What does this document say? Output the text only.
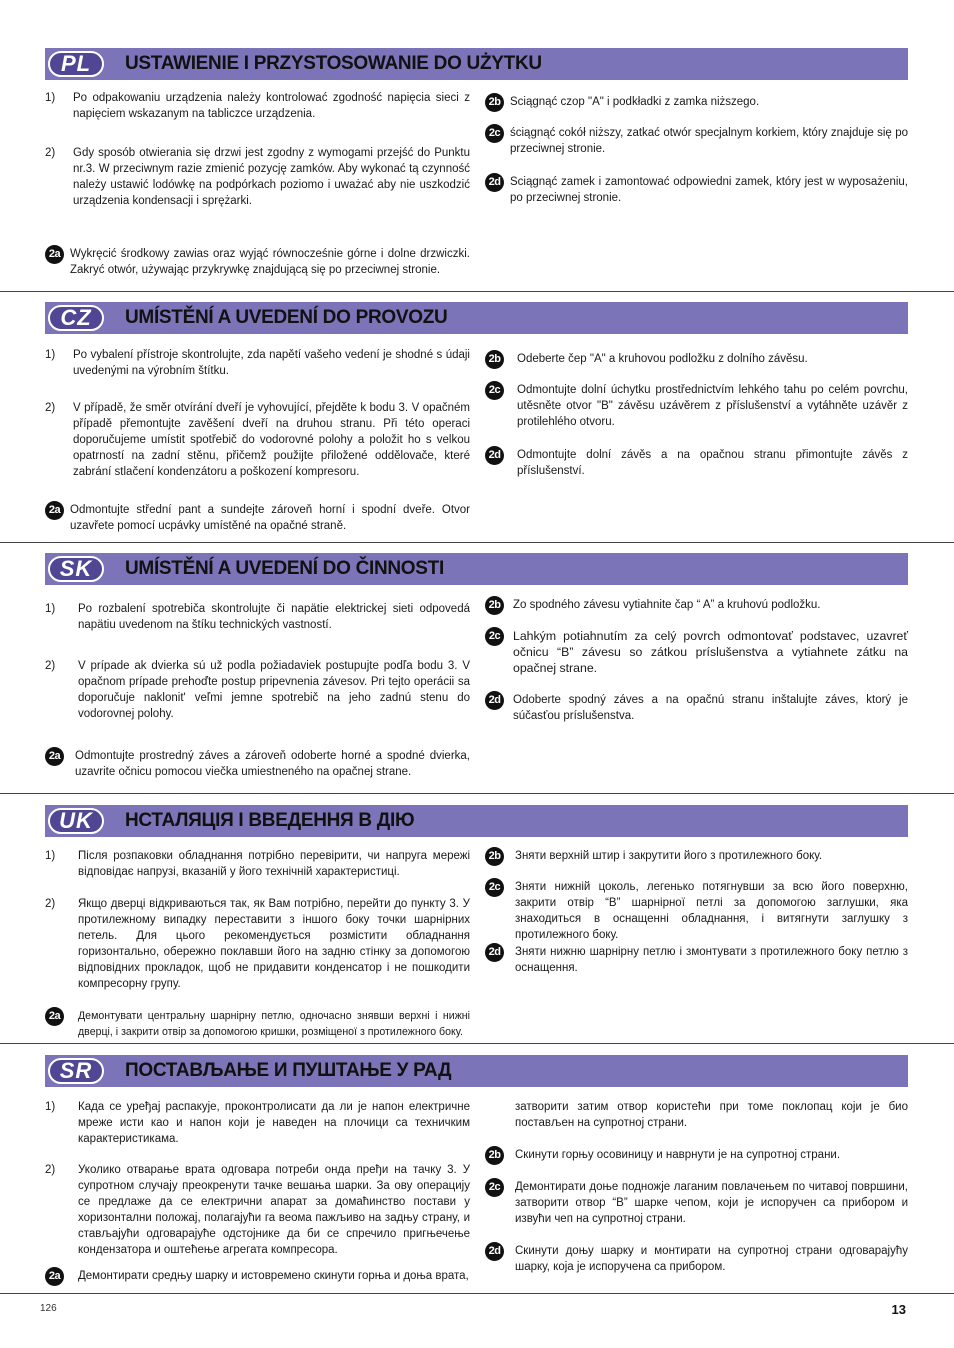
PL	USTAWIENIE I PRZYSTOSOWANIE DO UŻYTKU
1)	Po odpakowaniu urządzenia należy kontrolować zgodność napięcia sieci z napięciem wskazanym na tabliczce urządzenia.
2)	Gdy sposób otwierania się drzwi jest zgodny z wymogami przejść do Punktu nr.3. W przeciwnym razie zmienić pozycję zamków. Aby wykonać tą czynność należy ustawić lodówkę na podpórkach poziomo i uważać aby nie uszkodzić urządzenia kondensacji i sprężarki.
2a Wykręcić środkowy zawias oraz wyjąć równocześnie górne i dolne drzwiczki. Zakryć otwór, używając przykrywkę znajdującą się po przeciwnej stronie.
2b Sciągnąć czop "A" i podkładki z zamka niższego.
2c ściągnąć cokół niższy, zatkać otwór specjalnym korkiem, który znajduje się po przeciwnej stronie.
2d Sciągnąć zamek i zamontować odpowiedni zamek, który jest w wyposażeniu, po przeciwnej stronie.
CZ	UMÍSTĚNÍ A UVEDENÍ DO PROVOZU
1)	Po vybalení přístroje skontrolujte, zda napětí vašeho vedení je shodné s údaji uvedenými na výrobním štítku.
2)	V případě, že směr otvírání dveří je vyhovující, přejděte k bodu 3. V opačném případě přemontujte zavěšení dveří na druhou stranu. Při této operaci doporučujeme umístit spotřebič do vodorovné polohy a položit ho s velkou opatrností na zadní stěnu, přičemž použijte přiložené oddělovače, které zabrání stlačení kondenzátoru a poškození kompresoru.
2a Odmontujte střední pant a sundejte zároveň horní i spodní dveře. Otvor uzavřete pomocí ucpávky umístěné na opačné straně.
2b	Odeberte čep "A" a kruhovou podložku z dolního závěsu.
2c	Odmontujte dolní úchytku prostřednictvím lehkého tahu po celém povrchu, utěsněte otvor "B" závěsu uzávěrem z příslušenství a vytáhněte uzávěr z protilehlého otvoru.
2d	Odmontujte dolní závěs a na opačnou stranu přimontujte závěs z příslušenství.
SK	UMÍSTĚNÍ A UVEDENÍ DO ČINNOSTI
1)	Po rozbalení spotrebiča skontrolujte či napätie elektrickej sieti odpovedá napätiu uvedenom na štíku technických vastností.
2)	V prípade ak dvierka sú už podla požiadaviek postupujte podľa bodu 3. V opačnom prípade prehoďte postup pripevnenia závesov. Pri tejto operácii sa doporučuje naklonit' veľmi jemne spotrebič na jeho zadnú stenu do vodorovnej polohy.
2a	Odmontujte prostredný záves a zároveň odoberte horné a spodné dvierka, uzavrite očnicu pomocou viečka umiestneného na opačnej strane.
2b	Zo spodného závesu vytiahnite čap “ A” a kruhovú podložku.
2c	Lahkým potiahnutím za celý povrch odmontovať podstavec, uzavreť očnicu “B” závesu so zátkou príslušenstva a vytiahnete zátku na opačnej strane.
2d	Odoberte spodný záves a na opačnú stranu inštalujte záves, ktorý je súčasťou príslušenstva.
UK	НСТАЛЯЦІЯ І ВВЕДЕННЯ В ДІЮ
1)	Після розпаковки обладнання потрібно перевірити, чи напруга мережі відповідає напрузі, вказаній у його технічній характеристиці.
2)	Якщо дверці відкриваються так, як Вам потрібно, перейти до пункту 3. У протилежному випадку переставити з іншого боку точки шарнірних петель. Для цього рекомендується розмістити обладнання горизонтально, обережно поклавши його на задню стінку за допомогою відповідних прокладок, щоб не придавити конденсатор і не пошкодити компресорну групу.
2a	Демонтувати центральну шарнірну петлю, одночасно знявши верхні і нижні дверці, і закрити отвір за допомогою кришки, розміщеної з протилежного боку.
2b	Зняти верхній штир і закрутити його з протилежного боку.
2c	Зняти нижній цоколь, легенько потягнувши за всю його поверхню, закрити отвір “В” шарнірної петлі за допомогою заглушки, яка знаходиться в оснащенні обладнання, і витягнути заглушку з протилежного боку.
2d	Зняти нижню шарнірну петлю і змонтувати з протилежного боку петлю з оснащення.
SR	ПОСТАВЉАЊЕ И ПУШТАЊЕ У РАД
1)	Када се уређај распакује, проконтролисати да ли је напон електричне мреже исти као и напон који је наведен на плочици са техничким карактеристикама.
2)	Уколико отварање врата одговара потреби онда пређи на тачку 3. У супротном случају преокренути тачке вешања шарки. За ову операцију се предлаже да се електрични апарат за домаћинство постави у хоризонтални положај, полагајући га веома пажљиво на задњу страну, и стављајући одговарајуће одстојнике да би се спречило пригњечење кондензатора и оштећење агрегата компресора.
2a	Демонтирати средњу шарку и истовремено скинути горња и доња врата,
затворити затим отвор користећи при томе поклопац који је био постављен на супротној страни.
2b	Скинути горњу осовиницу и наврнути је на супротној страни.
2c	Демонтирати доње подножје лаганим повлачењем по читавој површини, затворити отвор “B” шарке чепом, који је испоручен са прибором и извући чеп на супротној страни.
2d	Скинути доњу шарку и монтирати на супротној страни одговарајућу шарку, која је испоручена са прибором.
126	13
